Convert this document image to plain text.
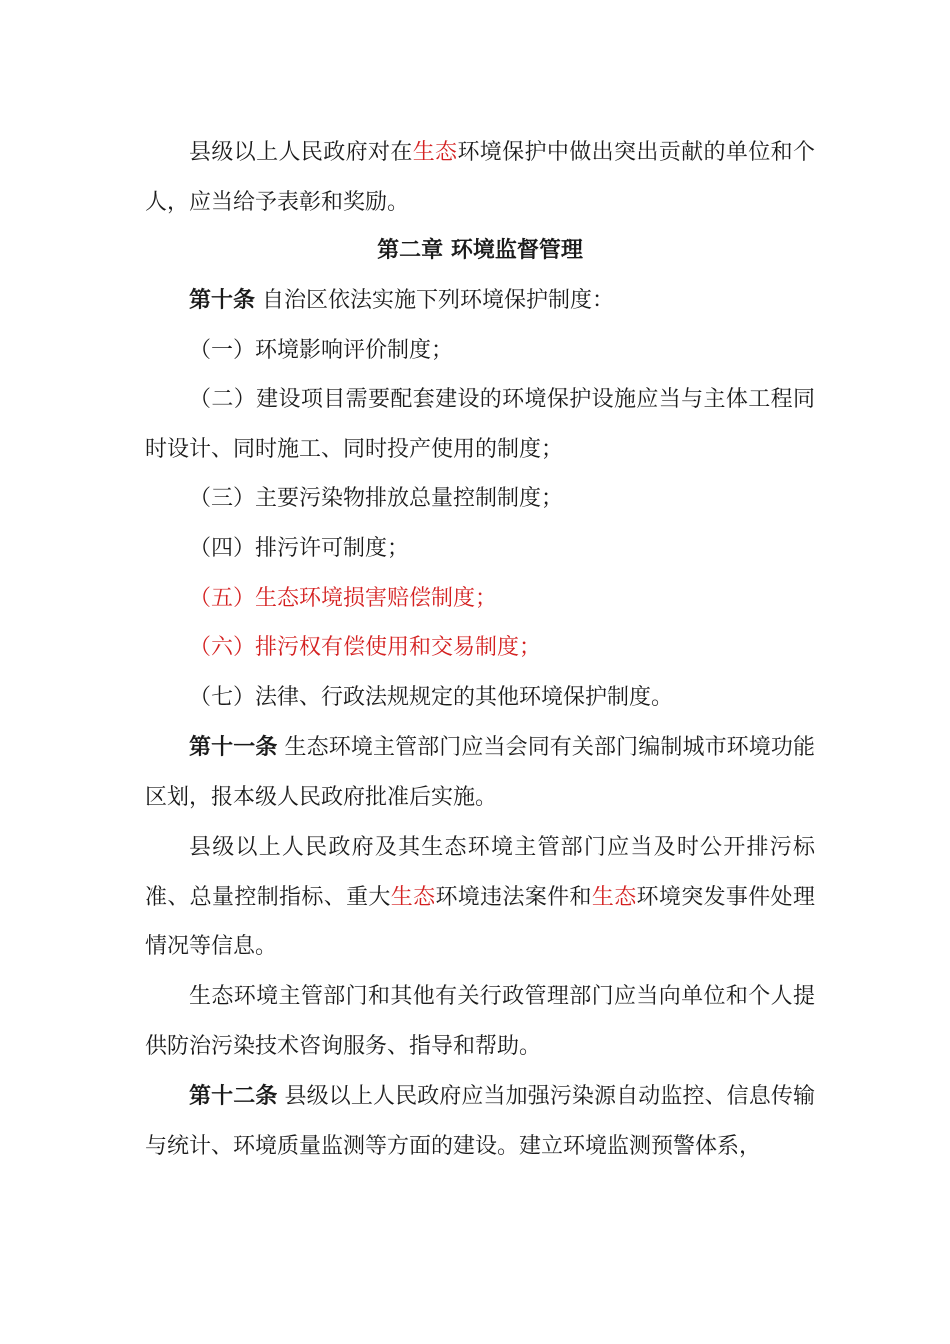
县级以上人民政府对在生态环境保护中做出突出贡献的单位和个人，应当给予表彰和奖励。

第二章 环境监督管理

第十条 自治区依法实施下列环境保护制度：

（一）环境影响评价制度；

（二）建设项目需要配套建设的环境保护设施应当与主体工程同时设计、同时施工、同时投产使用的制度；

（三）主要污染物排放总量控制制度；

（四）排污许可制度；

（五）生态环境损害赔偿制度；

（六）排污权有偿使用和交易制度；

（七）法律、行政法规规定的其他环境保护制度。

第十一条 生态环境主管部门应当会同有关部门编制城市环境功能区划，报本级人民政府批准后实施。

县级以上人民政府及其生态环境主管部门应当及时公开排污标准、总量控制指标、重大生态环境违法案件和生态环境突发事件处理情况等信息。

生态环境主管部门和其他有关行政管理部门应当向单位和个人提供防治污染技术咨询服务、指导和帮助。

第十二条 县级以上人民政府应当加强污染源自动监控、信息传输与统计、环境质量监测等方面的建设。建立环境监测预警体系，
